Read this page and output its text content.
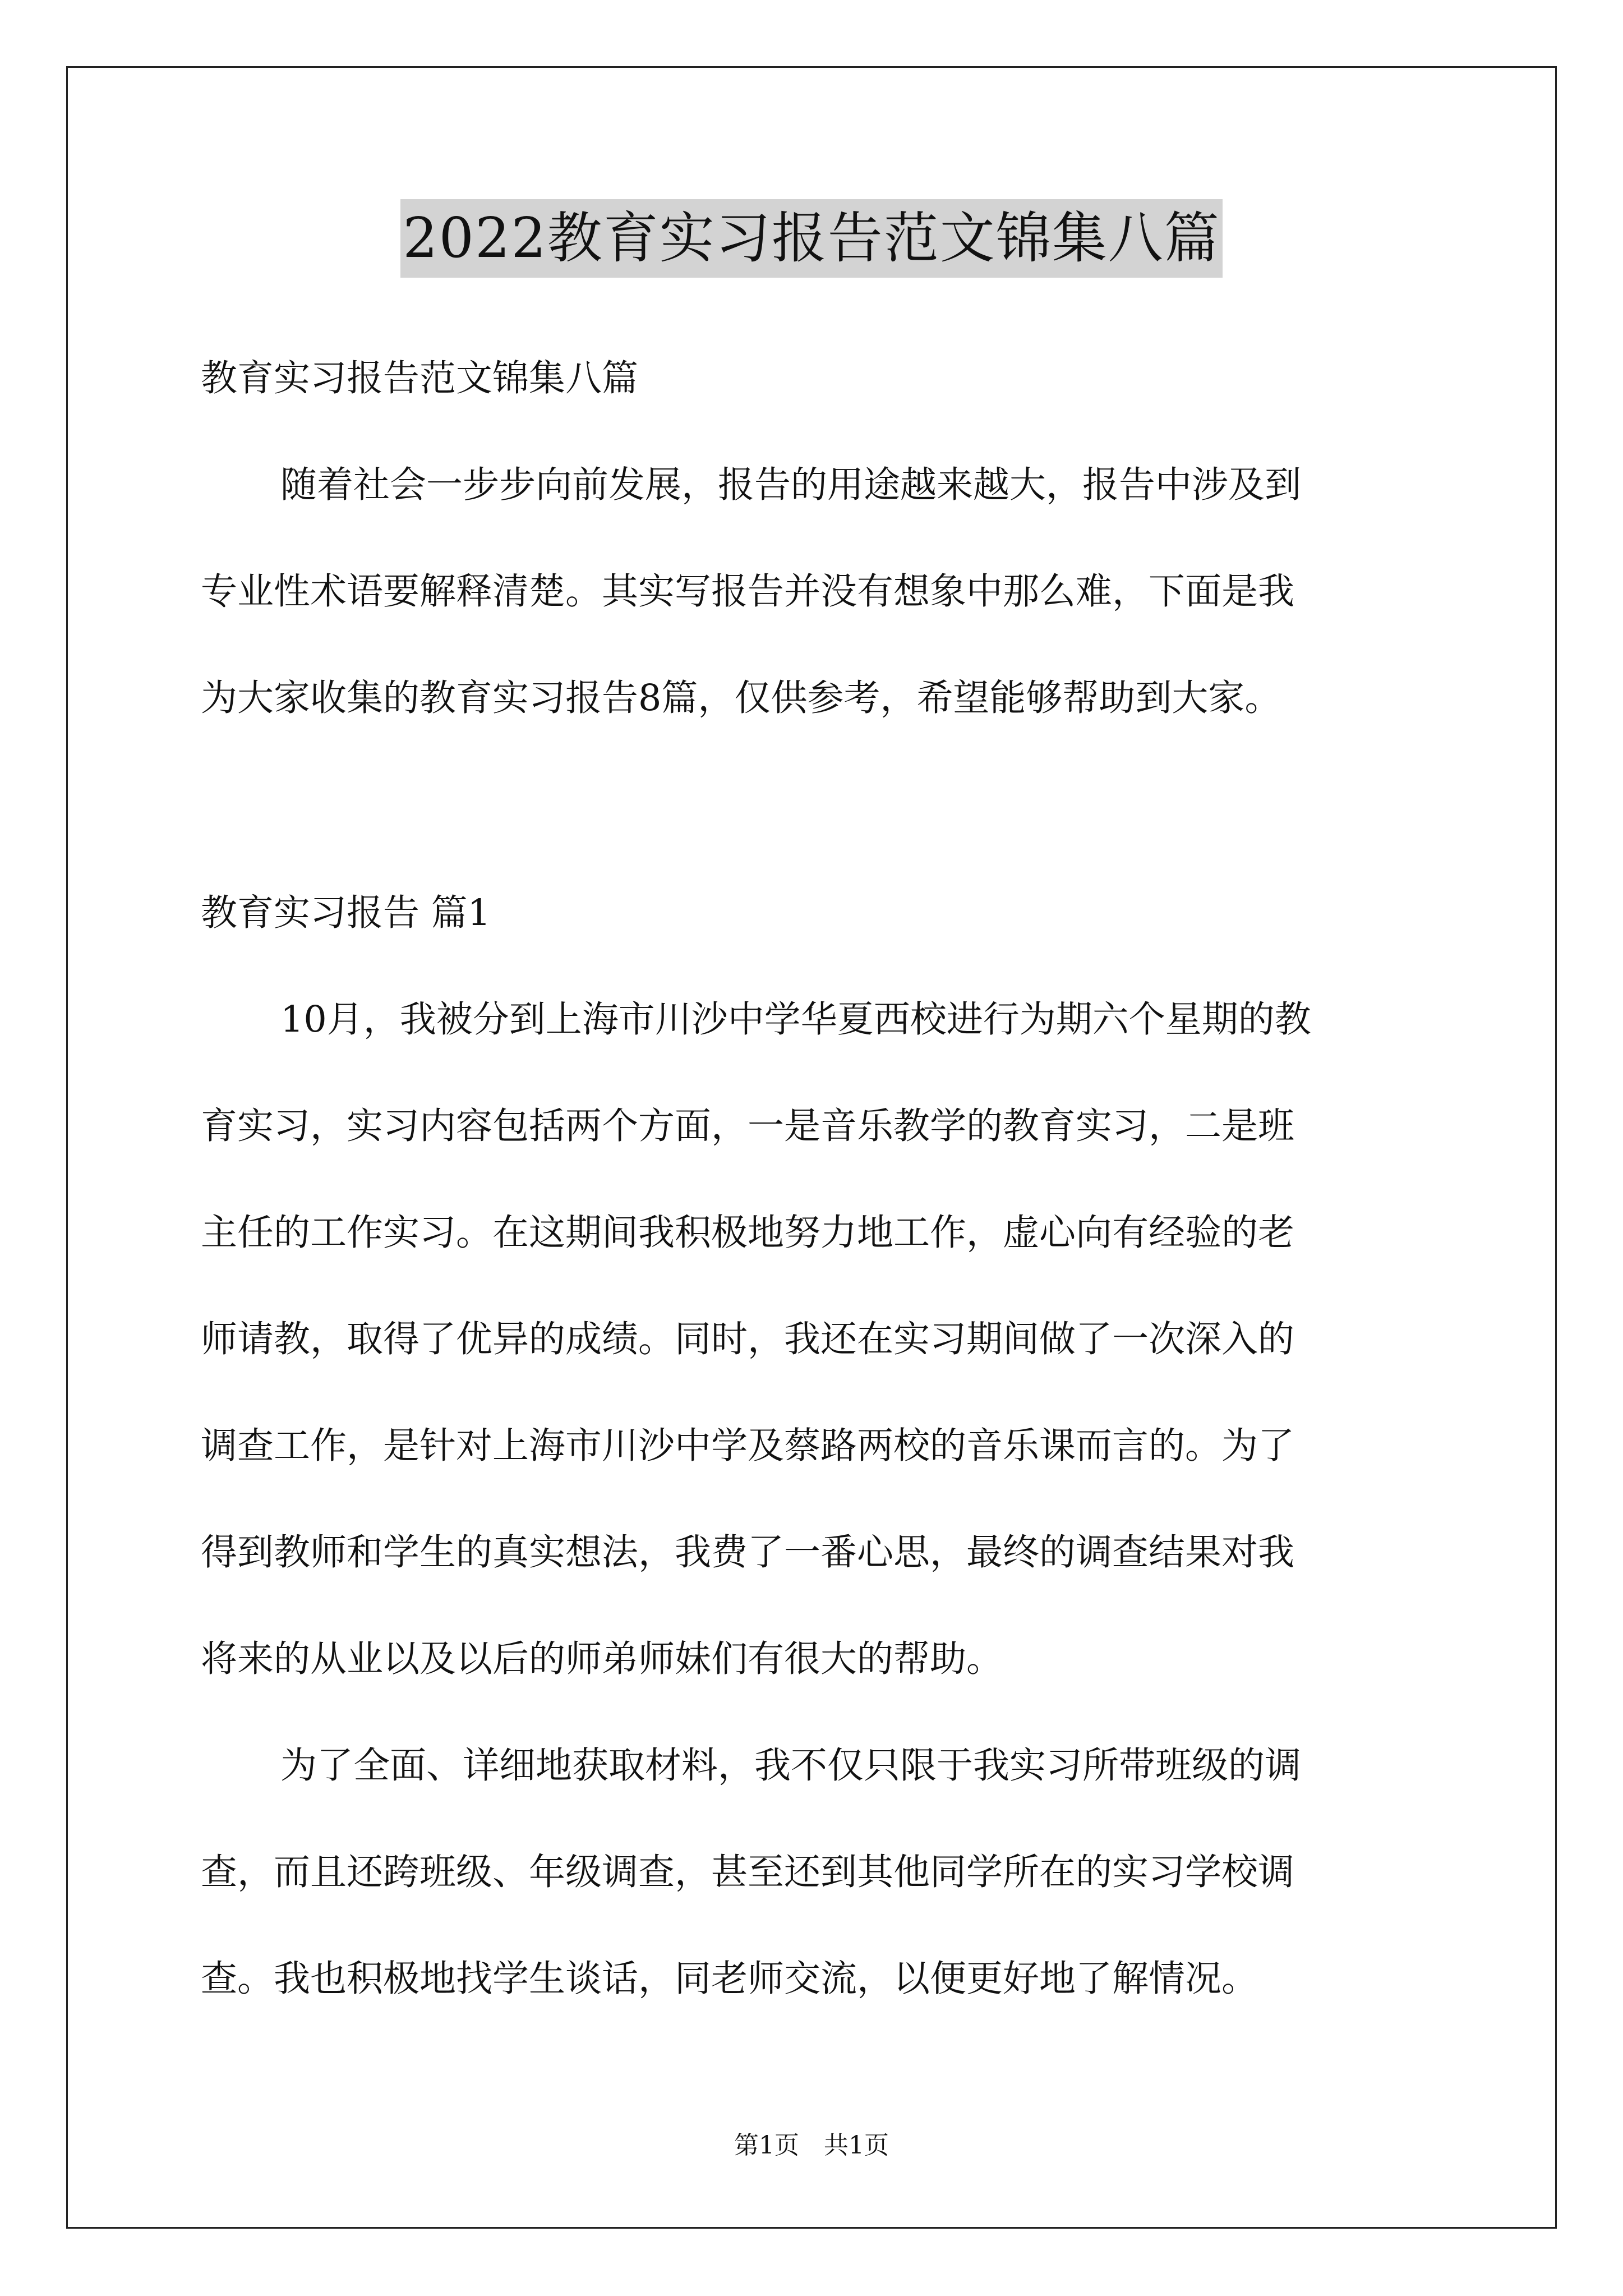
2022教育实习报告范文锦集八篇
教育实习报告范文锦集八篇
随着社会一步步向前发展，报告的用途越来越大，报告中涉及到
专业性术语要解释清楚。其实写报告并没有想象中那么难，下面是我
为大家收集的教育实习报告8篇，仅供参考，希望能够帮助到大家。
教育实习报告 篇1
10月，我被分到上海市川沙中学华夏西校进行为期六个星期的教
育实习，实习内容包括两个方面，一是音乐教学的教育实习，二是班
主任的工作实习。在这期间我积极地努力地工作，虚心向有经验的老
师请教，取得了优异的成绩。同时，我还在实习期间做了一次深入的
调查工作，是针对上海市川沙中学及蔡路两校的音乐课而言的。为了
得到教师和学生的真实想法，我费了一番心思，最终的调查结果对我
将来的从业以及以后的师弟师妹们有很大的帮助。
为了全面、详细地获取材料，我不仅只限于我实习所带班级的调
查，而且还跨班级、年级调查，甚至还到其他同学所在的实习学校调
查。我也积极地找学生谈话，同老师交流，以便更好地了解情况。
第1页　共1页
